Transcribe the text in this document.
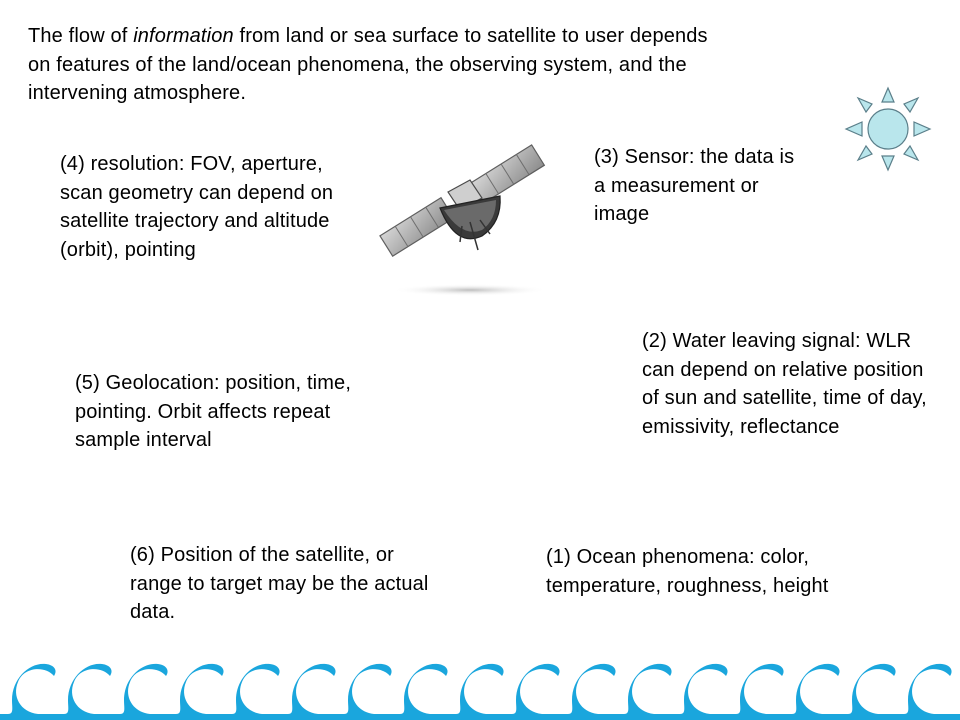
The flow of information from land or sea surface to satellite to user depends on features of the land/ocean phenomena, the observing system, and the intervening atmosphere.
(4) resolution: FOV, aperture, scan geometry can depend on satellite trajectory and altitude (orbit), pointing
(3) Sensor: the data is a measurement or image
(5) Geolocation: position, time, pointing. Orbit affects repeat sample interval
(2) Water leaving signal: WLR can depend on relative position of sun and satellite, time of day, emissivity, reflectance
(6) Position of the satellite, or range to target may be the actual data.
(1) Ocean phenomena: color, temperature, roughness, height
